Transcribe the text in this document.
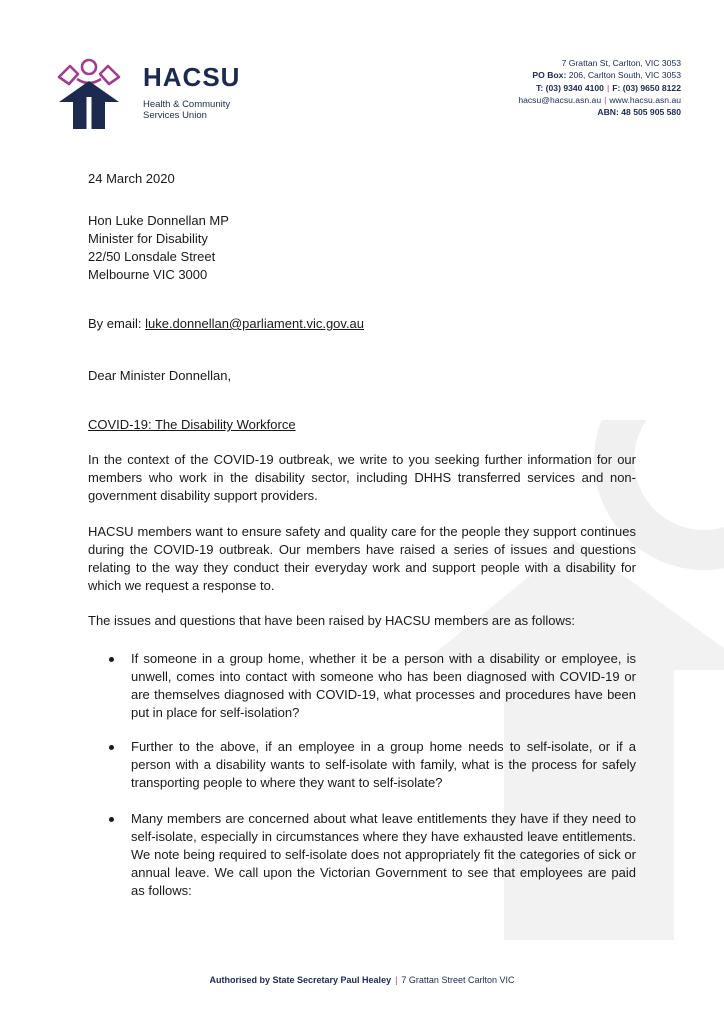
HACSU
Health & Community
Services Union
7 Grattan St, Carlton, VIC 3053
PO Box: 206, Carlton South, VIC 3053
T: (03) 9340 4100 | F: (03) 9650 8122
hacsu@hacsu.asn.au | www.hacsu.asn.au
ABN: 48 505 905 580
24 March 2020

Hon Luke Donnellan MP

Minister for Disability

22/50 Lonsdale Street

Melbourne VIC 3000

By email: luke.donnellan@parliament.vic.gov.au
Dear Minister Donnellan,
COVID-19: The Disability Workforce
In the context of the COVID-19 outbreak, we write to you seeking further information for our members who work in the disability sector, including DHHS transferred services and non-government disability support providers.
HACSU members want to ensure safety and quality care for the people they support continues during the COVID-19 outbreak. Our members have raised a series of issues and questions relating to the way they conduct their everyday work and support people with a disability for which we request a response to.
The issues and questions that have been raised by HACSU members are as follows:
If someone in a group home, whether it be a person with a disability or employee, is unwell, comes into contact with someone who has been diagnosed with COVID-19 or are themselves diagnosed with COVID-19, what processes and procedures have been put in place for self-isolation?
Further to the above, if an employee in a group home needs to self-isolate, or if a person with a disability wants to self-isolate with family, what is the process for safely transporting people to where they want to self-isolate?
Many members are concerned about what leave entitlements they have if they need to self-isolate, especially in circumstances where they have exhausted leave entitlements. We note being required to self-isolate does not appropriately fit the categories of sick or annual leave. We call upon the Victorian Government to see that employees are paid as follows:
Authorised by State Secretary Paul Healey | 7 Grattan Street Carlton VIC
